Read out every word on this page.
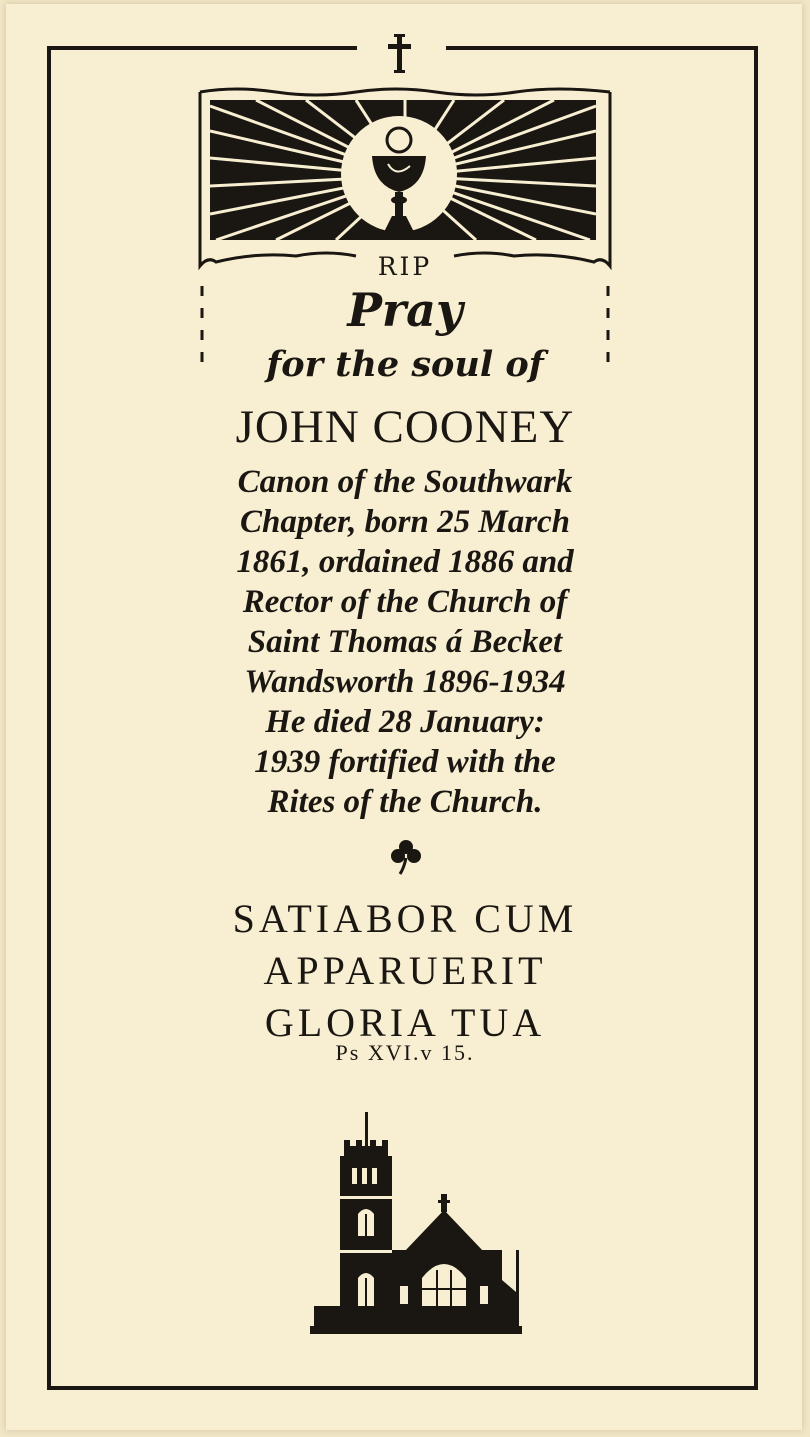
RIP
Pray
for the soul of
JOHN COONEY
Canon of the Southwark
Chapter, born 25 March
1861, ordained 1886 and
Rector of the Church of
Saint Thomas á Becket
Wandsworth 1896-1934
He died 28 January:
1939 fortified with the
Rites of the Church.
SATIABOR CUM
APPARUERIT
GLORIA TUA
Ps XVI.v 15.
